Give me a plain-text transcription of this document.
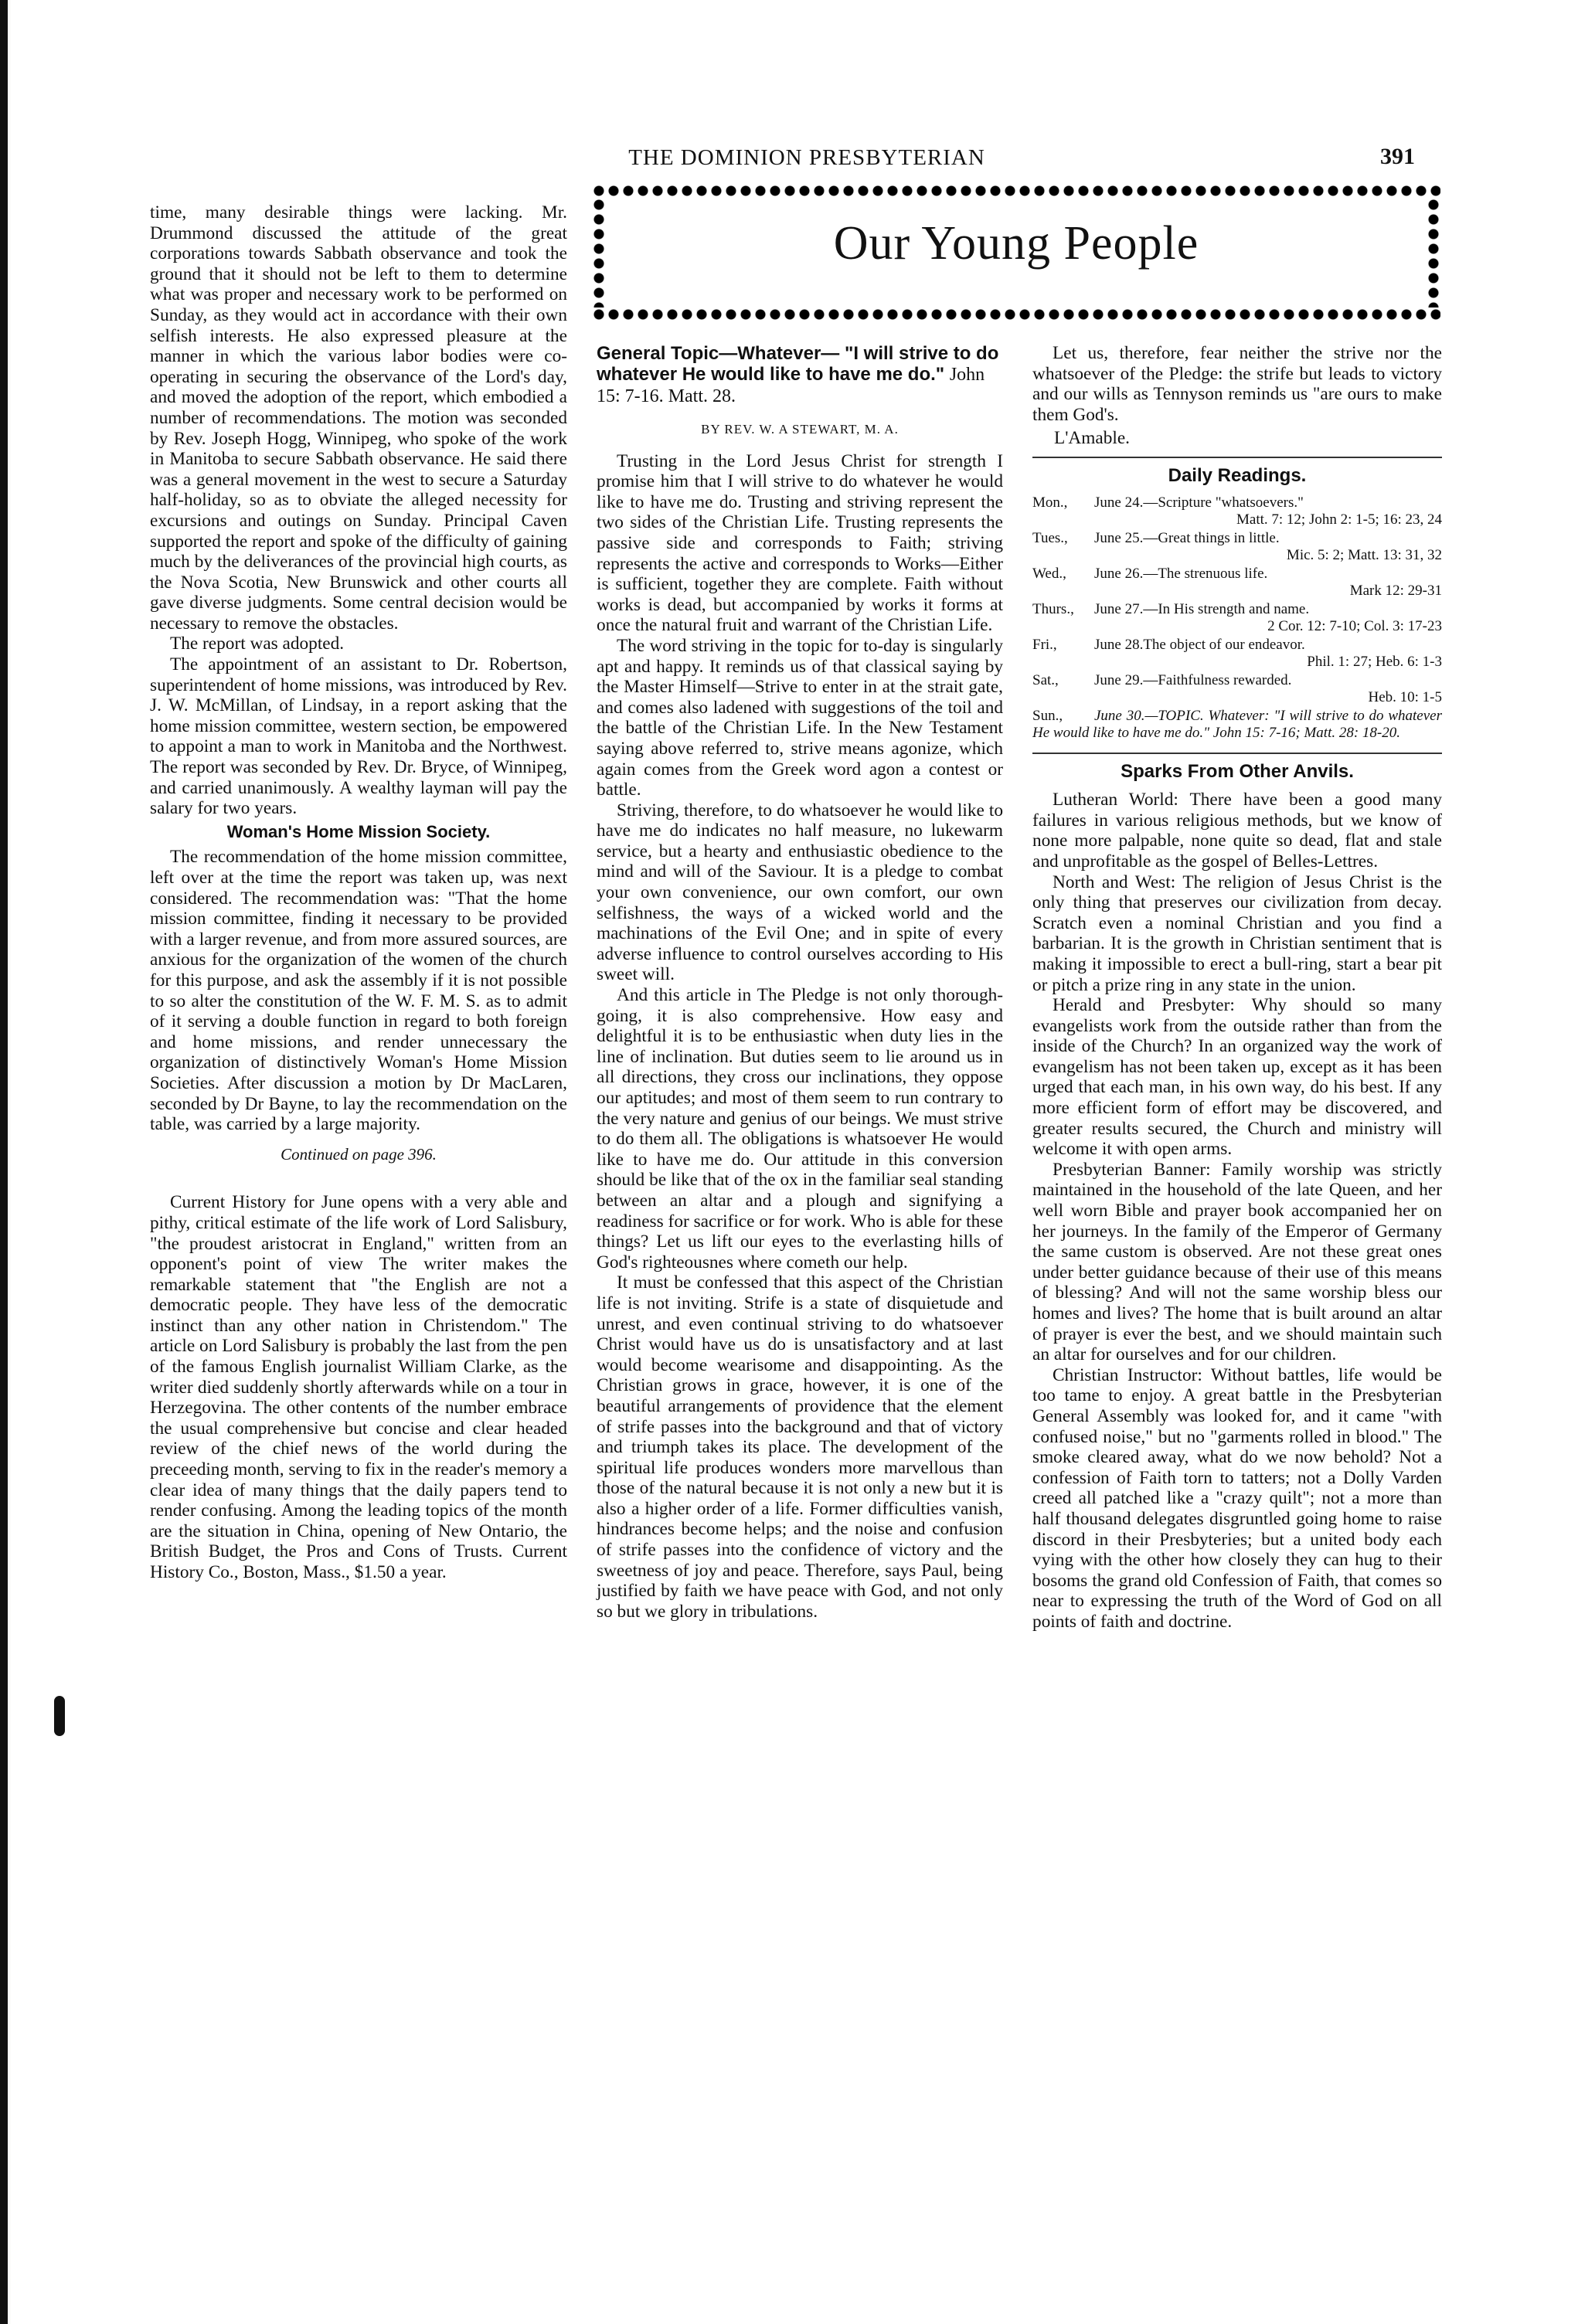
THE DOMINION PRESBYTERIAN	391

time, many desirable things were lacking. Mr. Drummond discussed the attitude of the great corporations towards Sabbath observance and took the ground that it should not be left to them to determine what was proper and necessary work to be performed on Sunday, as they would act in accordance with their own selfish interests. He also expressed pleasure at the manner in which the various labor bodies were co-operating in securing the observance of the Lord's day, and moved the adoption of the report, which embodied a number of recommendations. The motion was seconded by Rev. Joseph Hogg, Winnipeg, who spoke of the work in Manitoba to secure Sabbath observance. He said there was a general movement in the west to secure a Saturday half-holiday, so as to obviate the alleged necessity for excursions and outings on Sunday. Principal Caven supported the report and spoke of the difficulty of gaining much by the deliverances of the provincial high courts, as the Nova Scotia, New Brunswick and other courts all gave diverse judgments. Some central decision would be necessary to remove the obstacles.

The report was adopted.

The appointment of an assistant to Dr. Robertson, superintendent of home missions, was introduced by Rev. J. W. McMillan, of Lindsay, in a report asking that the home mission committee, western section, be empowered to appoint a man to work in Manitoba and the Northwest. The report was seconded by Rev. Dr. Bryce, of Winnipeg, and carried unanimously. A wealthy layman will pay the salary for two years.

Woman's Home Mission Society.

The recommendation of the home mission committee, left over at the time the report was taken up, was next considered. The recommendation was: "That the home mission committee, finding it necessary to be provided with a larger revenue, and from more assured sources, are anxious for the organization of the women of the church for this purpose, and ask the assembly if it is not possible to so alter the constitution of the W. F. M. S. as to admit of it serving a double function in regard to both foreign and home missions, and render unnecessary the organization of distinctively Woman's Home Mission Societies. After discussion a motion by Dr MacLaren, seconded by Dr Bayne, to lay the recommendation on the table, was carried by a large majority.

Continued on page 396.

Current History for June opens with a very able and pithy, critical estimate of the life work of Lord Salisbury, "the proudest aristocrat in England," written from an opponent's point of view The writer makes the remarkable statement that "the English are not a democratic people. They have less of the democratic instinct than any other nation in Christendom." The article on Lord Salisbury is probably the last from the pen of the famous English journalist William Clarke, as the writer died suddenly shortly afterwards while on a tour in Herzegovina. The other contents of the number embrace the usual comprehensive but concise and clear headed review of the chief news of the world during the preceeding month, serving to fix in the reader's memory a clear idea of many things that the daily papers tend to render confusing. Among the leading topics of the month are the situation in China, opening of New Ontario, the British Budget, the Pros and Cons of Trusts. Current History Co., Boston, Mass., $1.50 a year.

Our Young People
General Topic—Whatever— "I will strive to do whatever He would like to have me do." John 15: 7-16. Matt. 28.
BY REV. W. A STEWART, M. A.

Trusting in the Lord Jesus Christ for strength I promise him that I will strive to do whatever he would like to have me do. Trusting and striving represent the two sides of the Christian Life. Trusting represents the passive side and corresponds to Faith; striving represents the active and corresponds to Works—Either is sufficient, together they are complete. Faith without works is dead, but accompanied by works it forms at once the natural fruit and warrant of the Christian Life.

The word striving in the topic for to-day is singularly apt and happy. It reminds us of that classical saying by the Master Himself—Strive to enter in at the strait gate, and comes also ladened with suggestions of the toil and the battle of the Christian Life. In the New Testament saying above referred to, strive means agonize, which again comes from the Greek word agon a contest or battle.

Striving, therefore, to do whatsoever he would like to have me do indicates no half measure, no lukewarm service, but a hearty and enthusiastic obedience to the mind and will of the Saviour. It is a pledge to combat your own convenience, our own comfort, our own selfishness, the ways of a wicked world and the machinations of the Evil One; and in spite of every adverse influence to control ourselves according to His sweet will.

And this article in The Pledge is not only thorough-going, it is also comprehensive. How easy and delightful it is to be enthusiastic when duty lies in the line of inclination. But duties seem to lie around us in all directions, they cross our inclinations, they oppose our aptitudes; and most of them seem to run contrary to the very nature and genius of our beings. We must strive to do them all. The obligations is whatsoever He would like to have me do. Our attitude in this conversion should be like that of the ox in the familiar seal standing between an altar and a plough and signifying a readiness for sacrifice or for work. Who is able for these things? Let us lift our eyes to the everlasting hills of God's righteousnes where cometh our help.

It must be confessed that this aspect of the Christian life is not inviting. Strife is a state of disquietude and unrest, and even continual striving to do whatsoever Christ would have us do is unsatisfactory and at last would become wearisome and disappointing. As the Christian grows in grace, however, it is one of the beautiful arrangements of providence that the element of strife passes into the background and that of victory and triumph takes its place. The development of the spiritual life produces wonders more marvellous than those of the natural because it is not only a new but it is also a higher order of a life. Former difficulties vanish, hindrances become helps; and the noise and confusion of strife passes into the confidence of victory and the sweetness of joy and peace. Therefore, says Paul, being justified by faith we have peace with God, and not only so but we glory in tribulations.

Let us, therefore, fear neither the strive nor the whatsoever of the Pledge: the strife but leads to victory and our wills as Tennyson reminds us "are ours to make them God's.

L'Amable.
Daily Readings.
Mon., June 24.—Scripture "whatsoevers."
Matt. 7: 12; John 2: 1-5; 16: 23, 24
Tues., June 25.—Great things in little.
Mic. 5: 2; Matt. 13: 31, 32
Wed., June 26.—The strenuous life.
Mark 12: 29-31
Thurs., June 27.—In His strength and name.
2 Cor. 12: 7-10; Col. 3: 17-23
Fri.,	June 28.The object of our endeavor.
Phil. 1: 27; Heb. 6: 1-3
Sat., June 29.—Faithfulness rewarded.
Heb. 10: 1-5
Sun., June 30.—TOPIC. Whatever: "I will strive to do whatever He would like to have me do." John 15: 7-16; Matt. 28: 18-20.
Sparks From Other Anvils.

Lutheran World: There have been a good many failures in various religious methods, but we know of none more palpable, none quite so dead, flat and stale and unprofitable as the gospel of Belles-Lettres.

North and West: The religion of Jesus Christ is the only thing that preserves our civilization from decay. Scratch even a nominal Christian and you find a barbarian. It is the growth in Christian sentiment that is making it impossible to erect a bull-ring, start a bear pit or pitch a prize ring in any state in the union.

Herald and Presbyter: Why should so many evangelists work from the outside rather than from the inside of the Church? In an organized way the work of evangelism has not been taken up, except as it has been urged that each man, in his own way, do his best. If any more efficient form of effort may be discovered, and greater results secured, the Church and ministry will welcome it with open arms.

Presbyterian Banner: Family worship was strictly maintained in the household of the late Queen, and her well worn Bible and prayer book accompanied her on her journeys. In the family of the Emperor of Germany the same custom is observed. Are not these great ones under better guidance because of their use of this means of blessing? And will not the same worship bless our homes and lives? The home that is built around an altar of prayer is ever the best, and we should maintain such an altar for ourselves and for our children.

Christian Instructor: Without battles, life would be too tame to enjoy. A great battle in the Presbyterian General Assembly was looked for, and it came "with confused noise," but no "garments rolled in blood." The smoke cleared away, what do we now behold? Not a confession of Faith torn to tatters; not a Dolly Varden creed all patched like a "crazy quilt"; not a more than half thousand delegates disgruntled going home to raise discord in their Presbyteries; but a united body each vying with the other how closely they can hug to their bosoms the grand old Confession of Faith, that comes so near to expressing the truth of the Word of God on all points of faith and doctrine.
